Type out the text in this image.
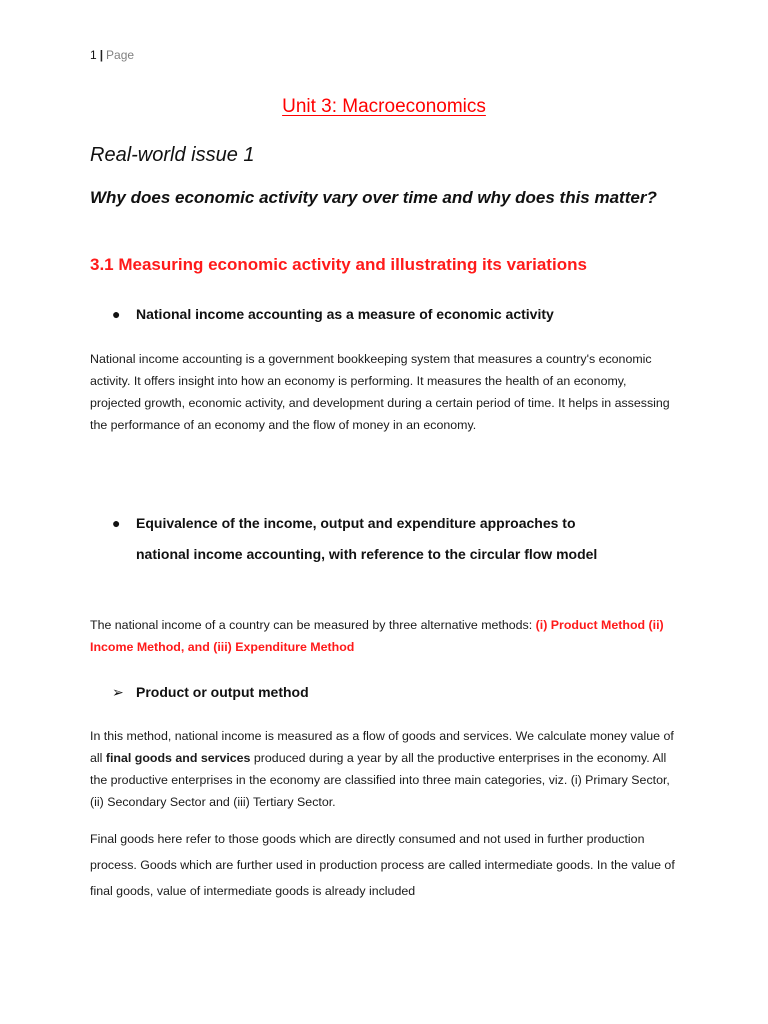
1 | Page
Unit 3: Macroeconomics
Real-world issue 1
Why does economic activity vary over time and why does this matter?
3.1 Measuring economic activity and illustrating its variations
●	National income accounting as a measure of economic activity
National income accounting is a government bookkeeping system that measures a country's economic activity. It offers insight into how an economy is performing. It measures the health of an economy, projected growth, economic activity, and development during a certain period of time. It helps in assessing the performance of an economy and the flow of money in an economy.
●	Equivalence of the income, output and expenditure approaches to
national income accounting, with reference to the circular flow model
The national income of a country can be measured by three alternative methods: (i) Product Method (ii) Income Method, and (iii) Expenditure Method
➢ Product or output method
In this method, national income is measured as a flow of goods and services. We calculate money value of all final goods and services produced during a year by all the productive enterprises in the economy. All the productive enterprises in the economy are classified into three main categories, viz. (i) Primary Sector, (ii) Secondary Sector and (iii) Tertiary Sector.
Final goods here refer to those goods which are directly consumed and not used in further production process. Goods which are further used in production process are called intermediate goods. In the value of final goods, value of intermediate goods is already included
